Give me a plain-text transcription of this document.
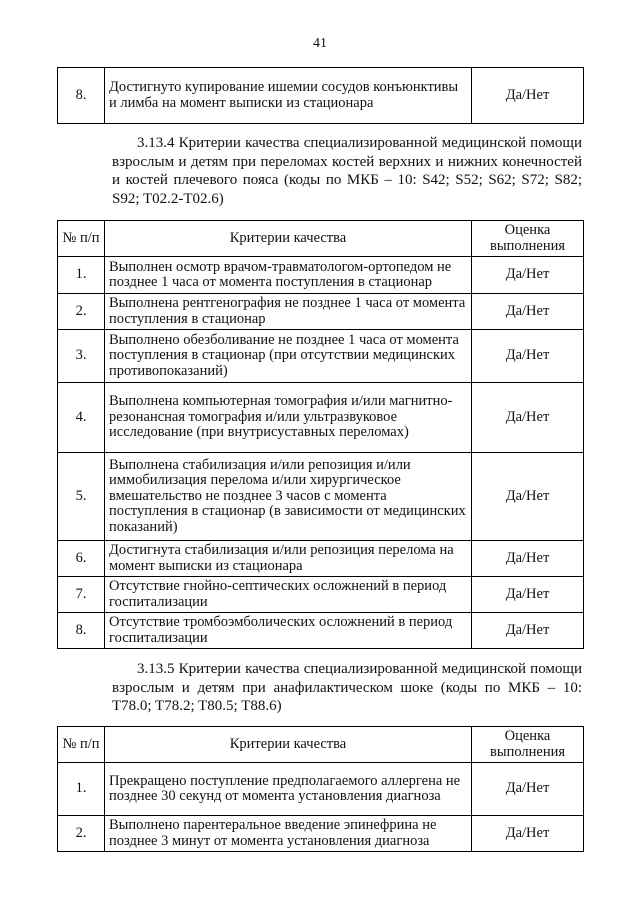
41
8.	Достигнуто купирование ишемии сосудов конъюнктивы и лимба на момент выписки из стационара	Да/Нет

3.13.4 Критерии качества специализированной медицинской помощи взрослым и детям при переломах костей верхних и нижних конечностей и костей плечевого пояса (коды по МКБ – 10: S42; S52; S62; S72; S82; S92; T02.2-T02.6)

№ п/п	Критерии качества	Оценка выполнения
1.	Выполнен осмотр врачом-травматологом-ортопедом не позднее 1 часа от момента поступления в стационар	Да/Нет
2.	Выполнена рентгенография не позднее 1 часа от момента поступления в стационар	Да/Нет
3.	Выполнено обезболивание не позднее 1 часа от момента поступления в стационар (при отсутствии медицинских противопоказаний)	Да/Нет
4.	Выполнена компьютерная томография и/или магнитно-резонансная томография и/или ультразвуковое исследование (при внутрисуставных переломах)	Да/Нет
5.	Выполнена стабилизация и/или репозиция и/или иммобилизация перелома и/или хирургическое вмешательство не позднее 3 часов с момента поступления в стационар (в зависимости от медицинских показаний)	Да/Нет
6.	Достигнута стабилизация и/или репозиция перелома на момент выписки из стационара	Да/Нет
7.	Отсутствие гнойно-септических осложнений в период госпитализации	Да/Нет
8.	Отсутствие тромбоэмболических осложнений в период госпитализации	Да/Нет

3.13.5 Критерии качества специализированной медицинской помощи взрослым и детям при анафилактическом шоке (коды по МКБ – 10: T78.0; T78.2; T80.5; T88.6)

№ п/п	Критерии качества	Оценка выполнения
1.	Прекращено поступление предполагаемого аллергена не позднее 30 секунд от момента установления диагноза	Да/Нет
2.	Выполнено парентеральное введение эпинефрина не позднее 3 минут от момента установления диагноза	Да/Нет
